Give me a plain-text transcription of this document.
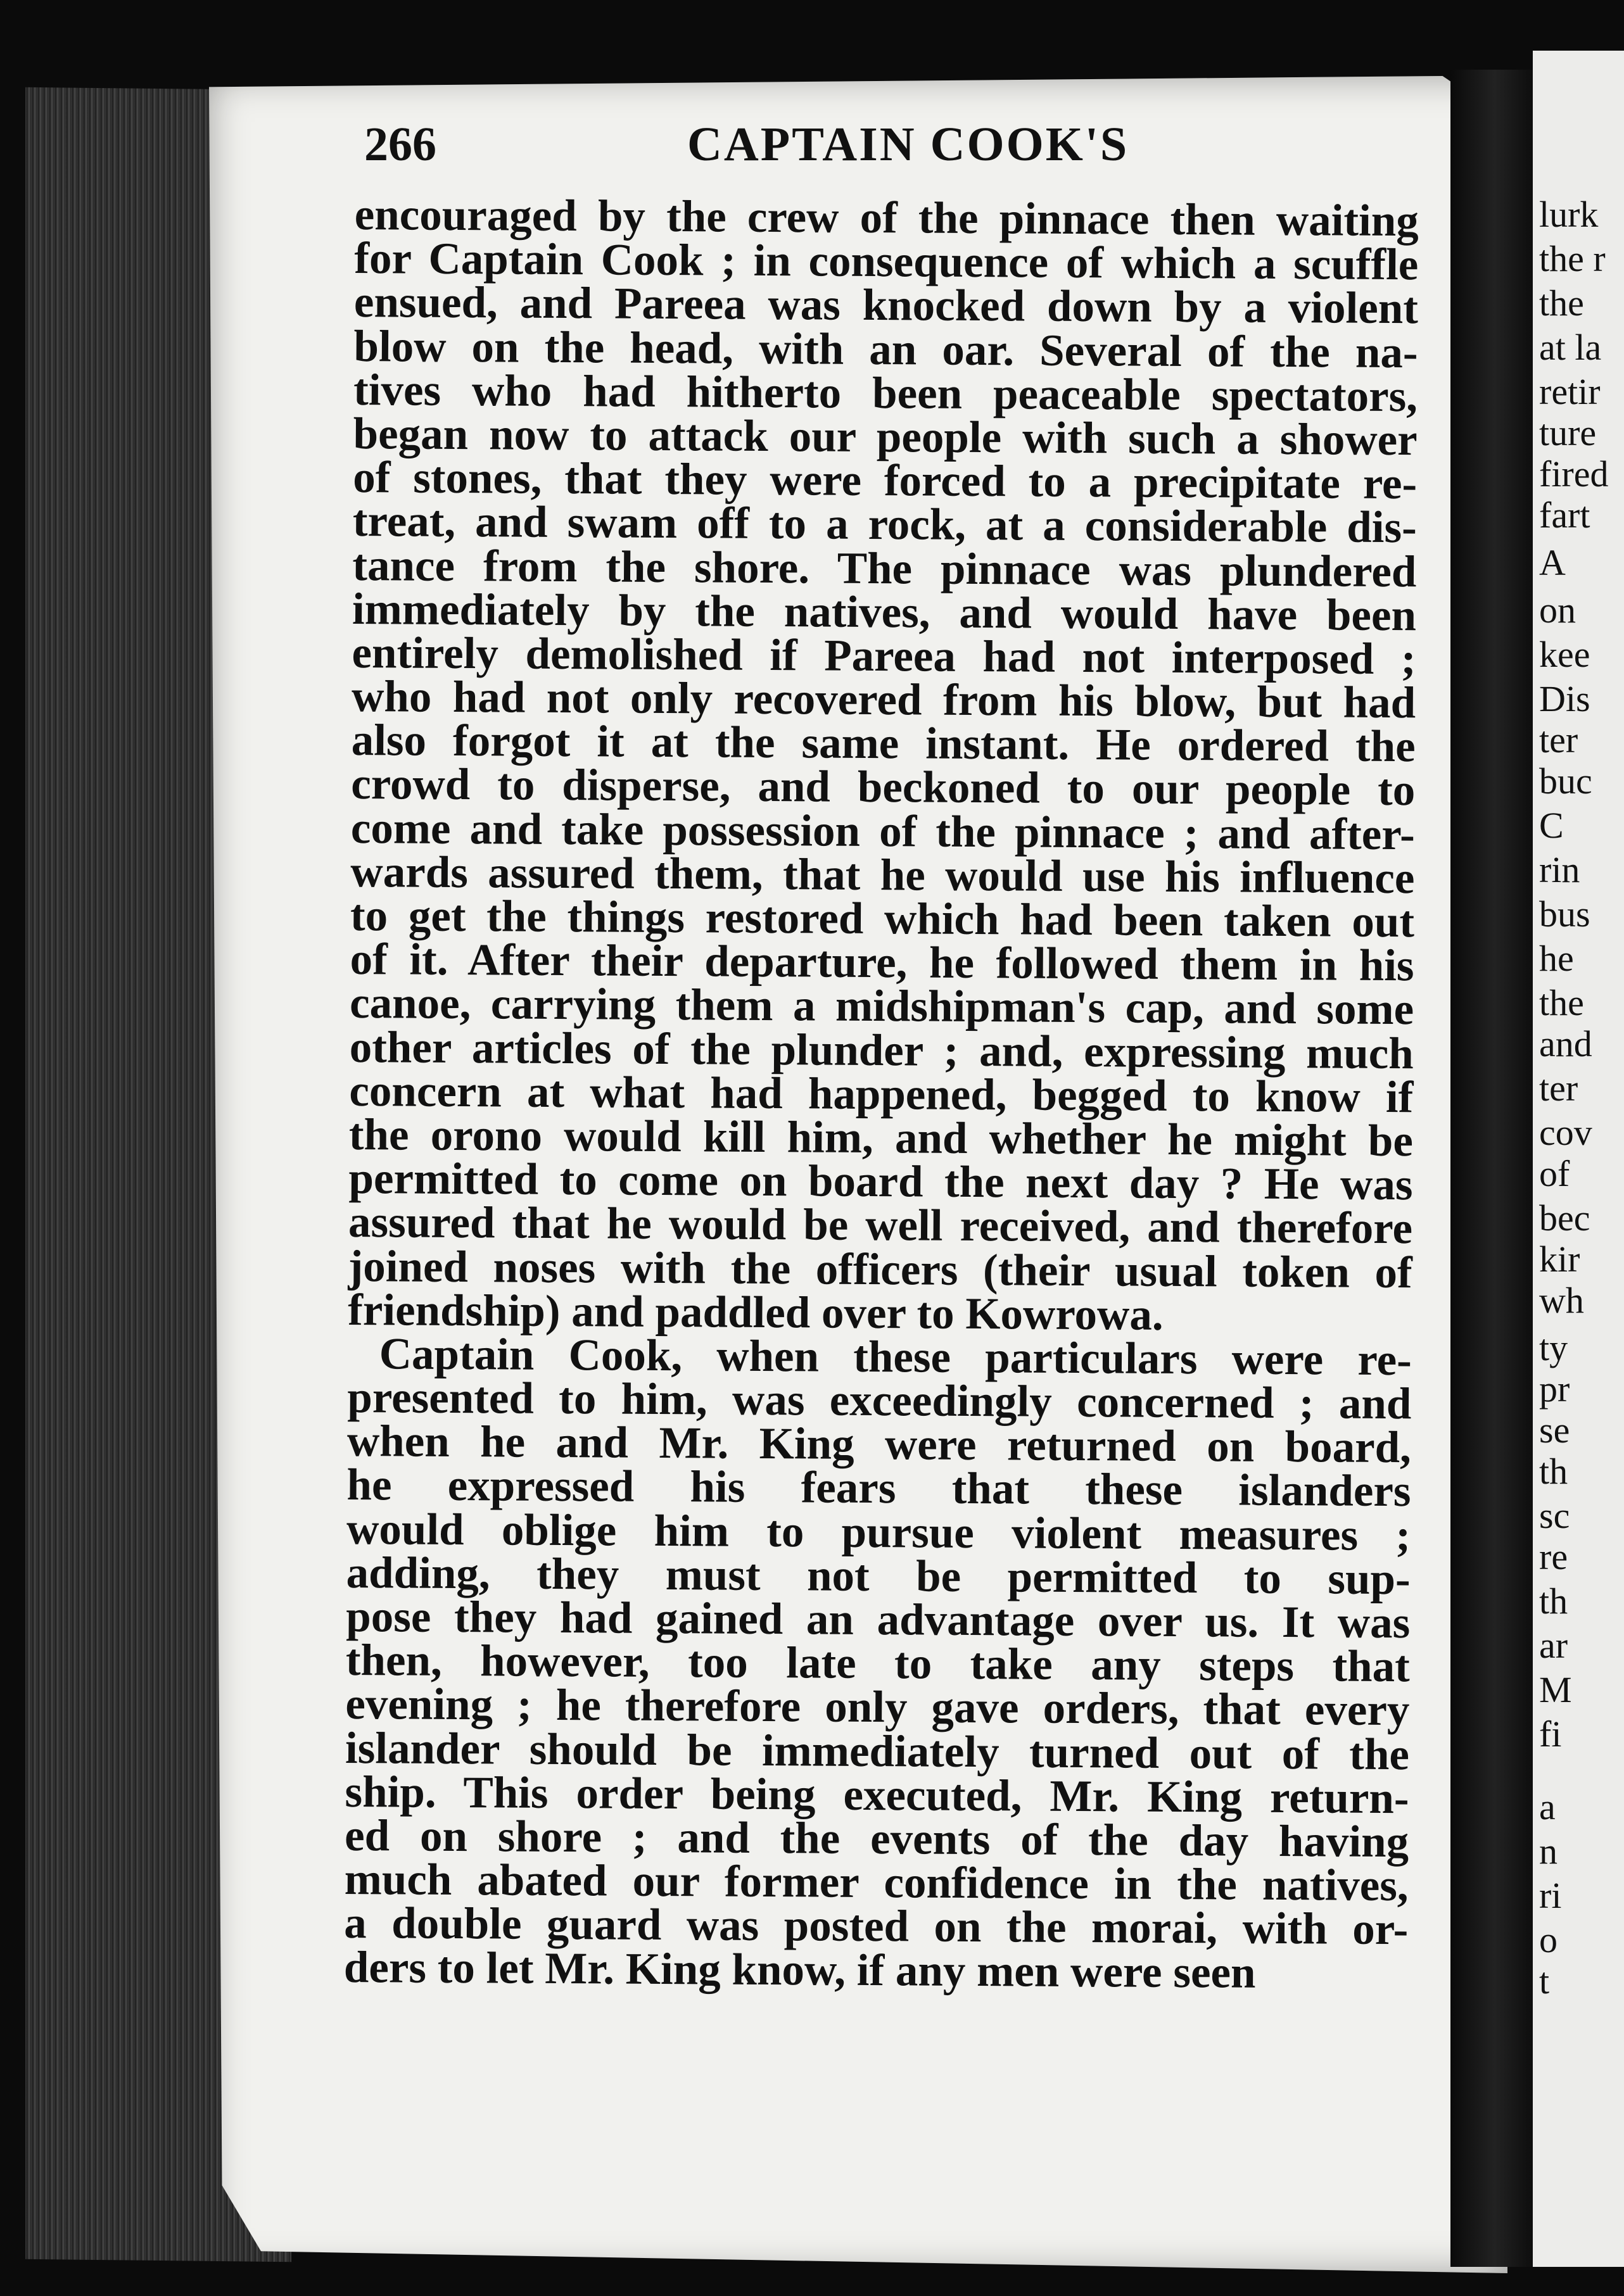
lurk
the r
the
at la
retir
ture
fired
fart
A
on
kee
Dis
ter
buc
C
rin
bus
he
the
and
ter
cov
of
bec
kir
wh
ty
pr
se
th
sc
re
th
ar
M
fi
a
n
ri
o
t
266	CAPTAIN COOK'S
encouraged by the crew of the pinnace then waiting
for Captain Cook ; in consequence of which a scuffle
ensued, and Pareea was knocked down by a violent
blow on the head, with an oar. Several of the na-
tives who had hitherto been peaceable spectators,
began now to attack our people with such a shower
of stones, that they were forced to a precipitate re-
treat, and swam off to a rock, at a considerable dis-
tance from the shore. The pinnace was plundered
immediately by the natives, and would have been
entirely demolished if Pareea had not interposed ;
who had not only recovered from his blow, but had
also forgot it at the same instant. He ordered the
crowd to disperse, and beckoned to our people to
come and take possession of the pinnace ; and after-
wards assured them, that he would use his influence
to get the things restored which had been taken out
of it. After their departure, he followed them in his
canoe, carrying them a midshipman's cap, and some
other articles of the plunder ; and, expressing much
concern at what had happened, begged to know if
the orono would kill him, and whether he might be
permitted to come on board the next day ? He was
assured that he would be well received, and therefore
joined noses with the officers (their usual token of
friendship) and paddled over to Kowrowa.
Captain Cook, when these particulars were re-
presented to him, was exceedingly concerned ; and
when he and Mr. King were returned on board,
he expressed his fears that these islanders
would oblige him to pursue violent measures ;
adding, they must not be permitted to sup-
pose they had gained an advantage over us. It was
then, however, too late to take any steps that
evening ; he therefore only gave orders, that every
islander should be immediately turned out of the
ship. This order being executed, Mr. King return-
ed on shore ; and the events of the day having
much abated our former confidence in the natives,
a double guard was posted on the morai, with or-
ders to let Mr. King know, if any men were seen
